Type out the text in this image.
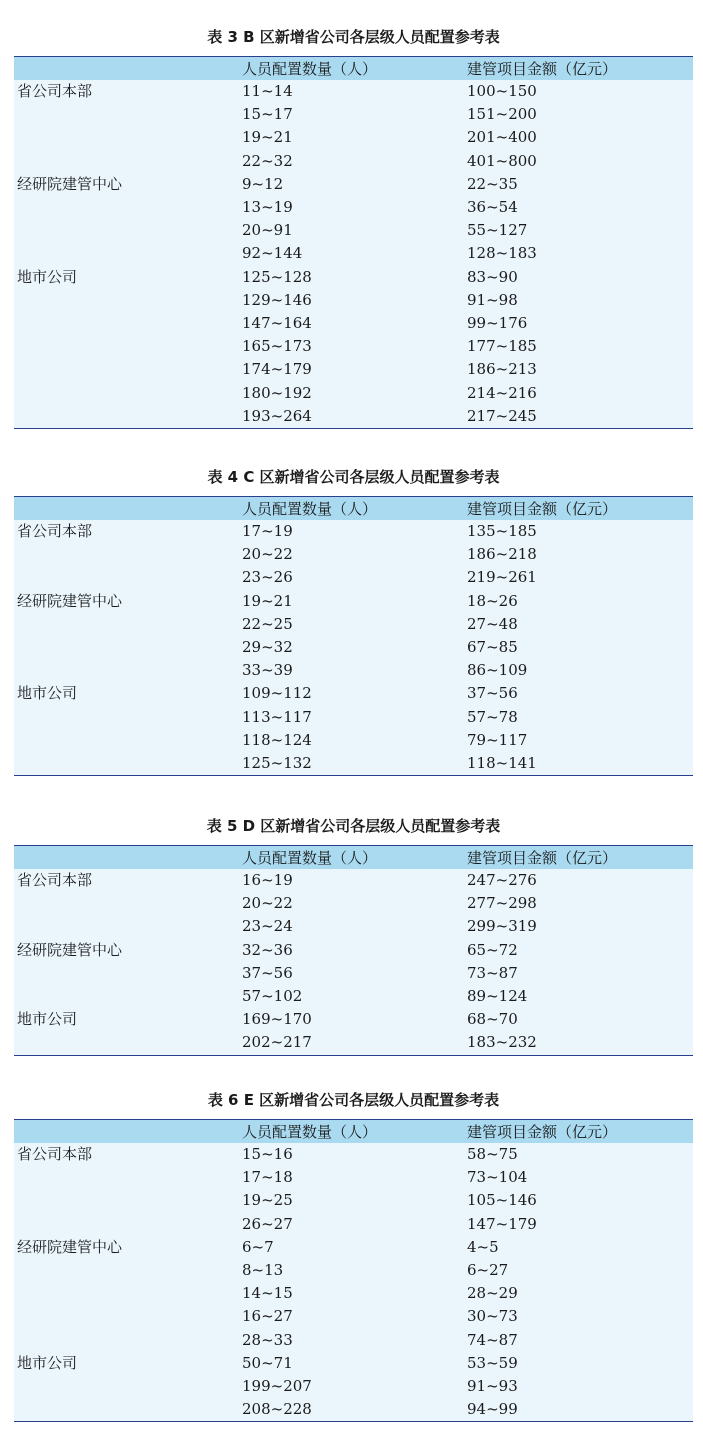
表 3 B 区新增省公司各层级人员配置参考表
	人员配置数量（人）	建管项目金额（亿元）
省公司本部	11~14	100~150
	15~17	151~200
	19~21	201~400
	22~32	401~800
经研院建管中心	9~12	22~35
	13~19	36~54
	20~91	55~127
	92~144	128~183
地市公司	125~128	83~90
	129~146	91~98
	147~164	99~176
	165~173	177~185
	174~179	186~213
	180~192	214~216
	193~264	217~245
表 4 C 区新增省公司各层级人员配置参考表
	人员配置数量（人）	建管项目金额（亿元）
省公司本部	17~19	135~185
	20~22	186~218
	23~26	219~261
经研院建管中心	19~21	18~26
	22~25	27~48
	29~32	67~85
	33~39	86~109
地市公司	109~112	37~56
	113~117	57~78
	118~124	79~117
	125~132	118~141
表 5 D 区新增省公司各层级人员配置参考表
	人员配置数量（人）	建管项目金额（亿元）
省公司本部	16~19	247~276
	20~22	277~298
	23~24	299~319
经研院建管中心	32~36	65~72
	37~56	73~87
	57~102	89~124
地市公司	169~170	68~70
	202~217	183~232
表 6 E 区新增省公司各层级人员配置参考表
	人员配置数量（人）	建管项目金额（亿元）
省公司本部	15~16	58~75
	17~18	73~104
	19~25	105~146
	26~27	147~179
经研院建管中心	6~7	4~5
	8~13	6~27
	14~15	28~29
	16~27	30~73
	28~33	74~87
地市公司	50~71	53~59
	199~207	91~93
	208~228	94~99
